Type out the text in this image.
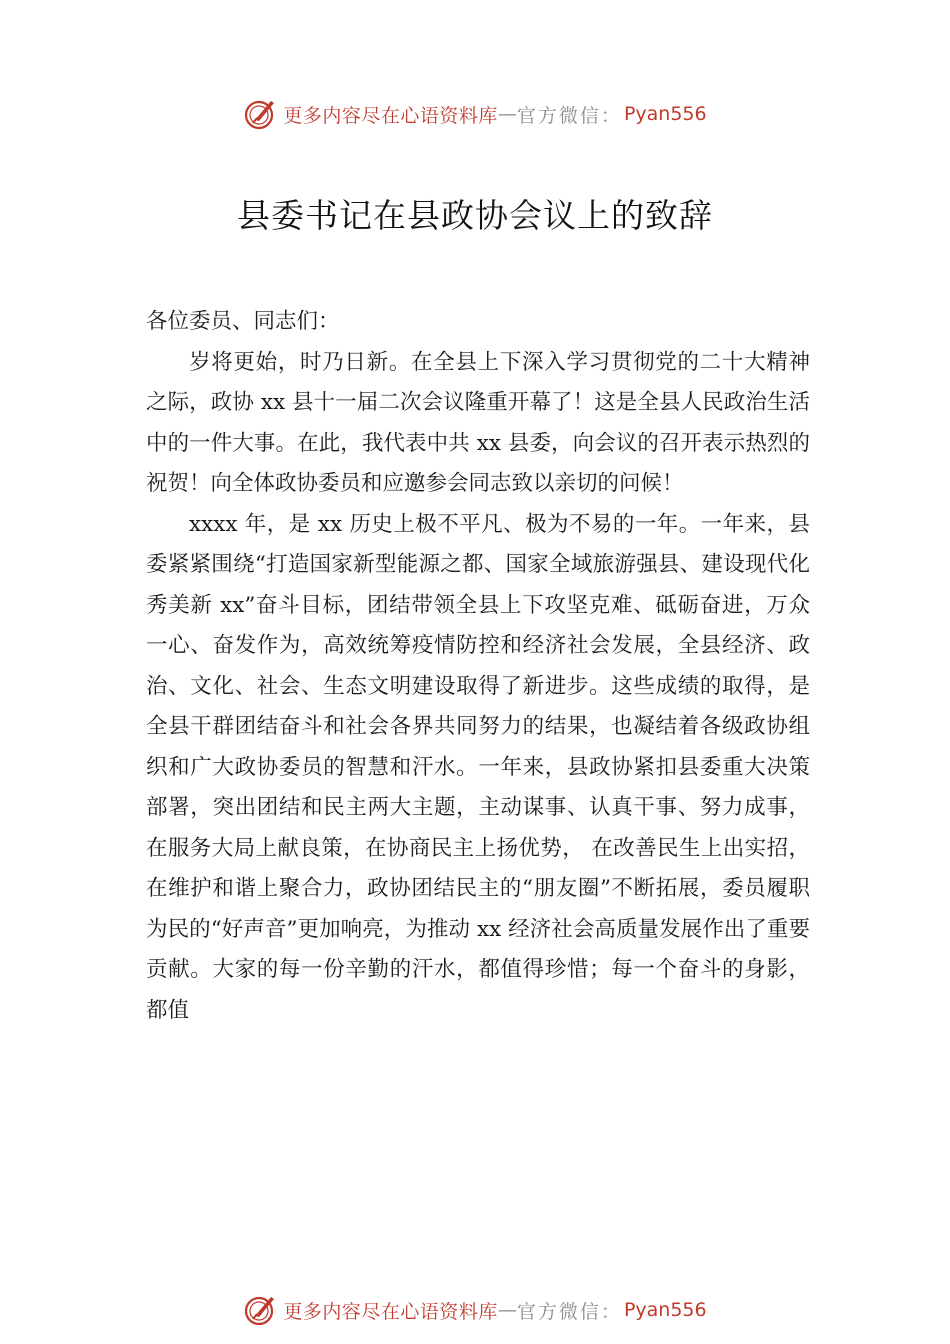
更多内容尽在心语资料库 — 官方微信： Pyan556
县委书记在县政协会议上的致辞

各位委员、同志们：

岁将更始，时乃日新。在全县上下深入学习贯彻党的二十大精神之际，政协 xx 县十一届二次会议隆重开幕了！这是全县人民政治生活中的一件大事。在此，我代表中共 xx 县委，向会议的召开表示热烈的祝贺！向全体政协委员和应邀参会同志致以亲切的问候！

xxxx 年，是 xx 历史上极不平凡、极为不易的一年。一年来，县委紧紧围绕“打造国家新型能源之都、国家全域旅游强县、建设现代化秀美新 xx”奋斗目标，团结带领全县上下攻坚克难、砥砺奋进，万众一心、奋发作为，高效统筹疫情防控和经济社会发展，全县经济、政治、文化、社会、生态文明建设取得了新进步。这些成绩的取得，是全县干群团结奋斗和社会各界共同努力的结果，也凝结着各级政协组织和广大政协委员的智慧和汗水。一年来，县政协紧扣县委重大决策部署，突出团结和民主两大主题，主动谋事、认真干事、努力成事，在服务大局上献良策，在协商民主上扬优势， 在改善民生上出实招，在维护和谐上聚合力，政协团结民主的“朋友圈”不断拓展，委员履职为民的“好声音”更加响亮，为推动 xx 经济社会高质量发展作出了重要贡献。大家的每一份辛勤的汗水，都值得珍惜；每一个奋斗的身影，都值

更多内容尽在心语资料库 — 官方微信： Pyan556
